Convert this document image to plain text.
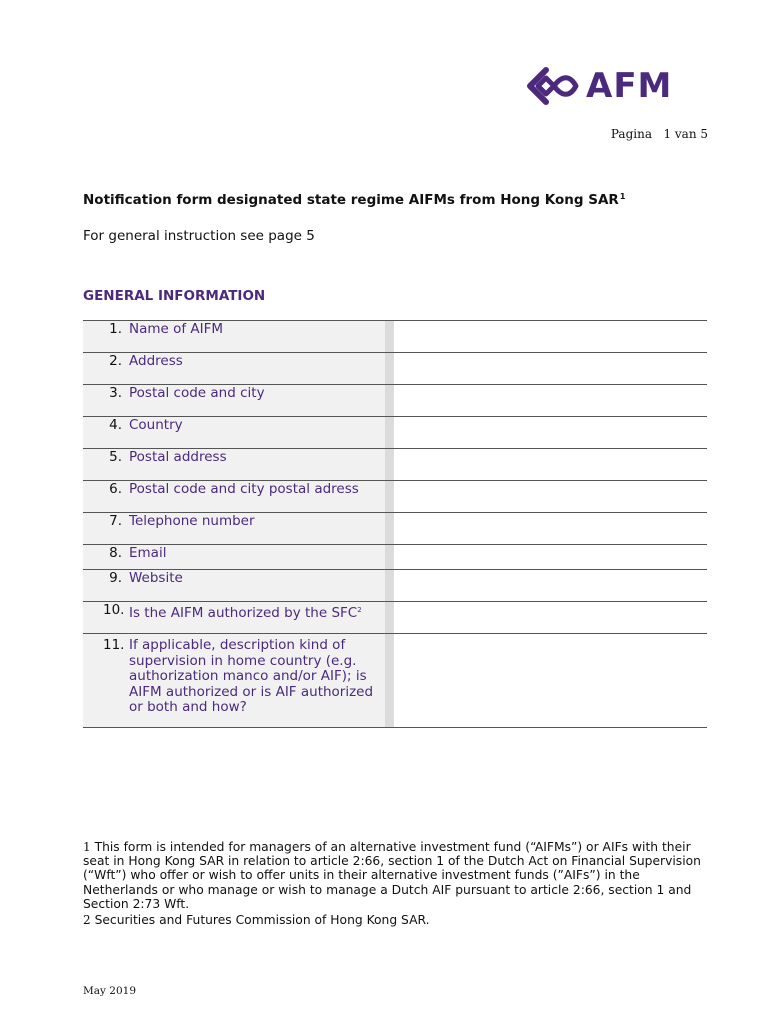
AFM
Pagina 1 van 5
Notification form designated state regime AIFMs from Hong Kong SAR$^1$
For general instruction see page 5
GENERAL INFORMATION
1. Name of AIFM
2. Address
3. Postal code and city
4. Country
5. Postal address
6. Postal code and city postal adress
7. Telephone number
8. Email
9. Website
10. Is the AIFM authorized by the SFC$^2$
11. If applicable, description kind of supervision in home country (e.g. authorization manco and/or AIF); is AIFM authorized or is AIF authorized or both and how?

1 This form is intended for managers of an alternative investment fund (“AIFMs”) or AIFs with their seat in Hong Kong SAR in relation to article 2:66, section 1 of the Dutch Act on Financial Supervision (“Wft”) who offer or wish to offer units in their alternative investment funds (”AIFs”) in the Netherlands or who manage or wish to manage a Dutch AIF pursuant to article 2:66, section 1 and Section 2:73 Wft.

2 Securities and Futures Commission of Hong Kong SAR.

May 2019
